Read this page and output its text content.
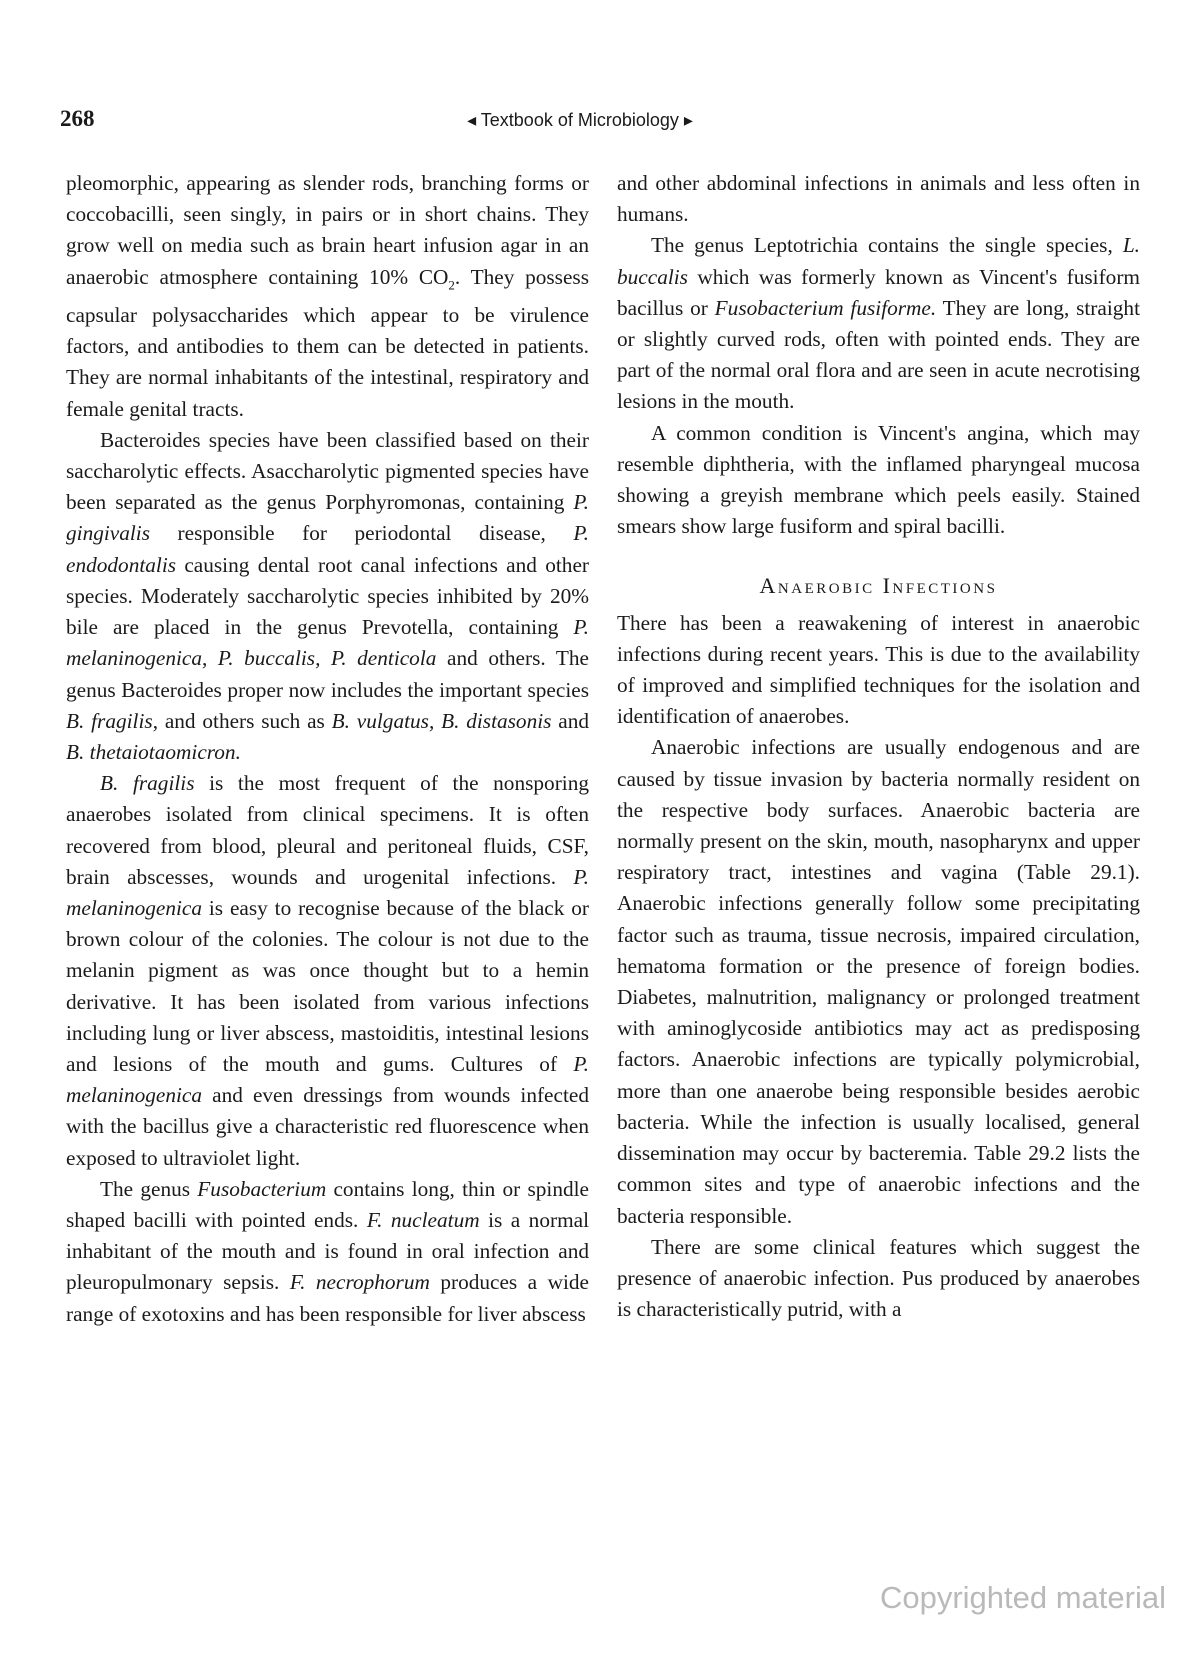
268	◂ Textbook of Microbiology ▸

pleomorphic, appearing as slender rods, branching forms or coccobacilli, seen singly, in pairs or in short chains. They grow well on media such as brain heart infusion agar in an anaerobic atmosphere containing 10% $CO_2$. They possess capsular polysaccharides which appear to be virulence factors, and antibodies to them can be detected in patients. They are normal inhabitants of the intestinal, respiratory and female genital tracts.

Bacteroides species have been classified based on their saccharolytic effects. Asaccharolytic pigmented species have been separated as the genus Porphyromonas, containing P. gingivalis responsible for periodontal disease, P. endodontalis causing dental root canal infections and other species. Moderately saccharolytic species inhibited by 20% bile are placed in the genus Prevotella, containing P. melaninogenica, P. buccalis, P. denticola and others. The genus Bacteroides proper now includes the important species B. fragilis, and others such as B. vulgatus, B. distasonis and B. thetaiotaomicron.

B. fragilis is the most frequent of the nonsporing anaerobes isolated from clinical specimens. It is often recovered from blood, pleural and peritoneal fluids, CSF, brain abscesses, wounds and urogenital infections. P. melaninogenica is easy to recognise because of the black or brown colour of the colonies. The colour is not due to the melanin pigment as was once thought but to a hemin derivative. It has been isolated from various infections including lung or liver abscess, mastoiditis, intestinal lesions and lesions of the mouth and gums. Cultures of P. melaninogenica and even dressings from wounds infected with the bacillus give a characteristic red fluorescence when exposed to ultraviolet light.

The genus Fusobacterium contains long, thin or spindle shaped bacilli with pointed ends. F. nucleatum is a normal inhabitant of the mouth and is found in oral infection and pleuropulmonary sepsis. F. necrophorum produces a wide range of exotoxins and has been responsible for liver abscess

and other abdominal infections in animals and less often in humans.

The genus Leptotrichia contains the single species, L. buccalis which was formerly known as Vincent's fusiform bacillus or Fusobacterium fusiforme. They are long, straight or slightly curved rods, often with pointed ends. They are part of the normal oral flora and are seen in acute necrotising lesions in the mouth.

A common condition is Vincent's angina, which may resemble diphtheria, with the inflamed pharyngeal mucosa showing a greyish membrane which peels easily. Stained smears show large fusiform and spiral bacilli.

Anaerobic Infections

There has been a reawakening of interest in anaerobic infections during recent years. This is due to the availability of improved and simplified techniques for the isolation and identification of anaerobes.

Anaerobic infections are usually endogenous and are caused by tissue invasion by bacteria normally resident on the respective body surfaces. Anaerobic bacteria are normally present on the skin, mouth, nasopharynx and upper respiratory tract, intestines and vagina (Table 29.1). Anaerobic infections generally follow some precipitating factor such as trauma, tissue necrosis, impaired circulation, hematoma formation or the presence of foreign bodies. Diabetes, malnutrition, malignancy or prolonged treatment with aminoglycoside antibiotics may act as predisposing factors. Anaerobic infections are typically polymicrobial, more than one anaerobe being responsible besides aerobic bacteria. While the infection is usually localised, general dissemination may occur by bacteremia. Table 29.2 lists the common sites and type of anaerobic infections and the bacteria responsible.

There are some clinical features which suggest the presence of anaerobic infection. Pus produced by anaerobes is characteristically putrid, with a

Copyrighted material
